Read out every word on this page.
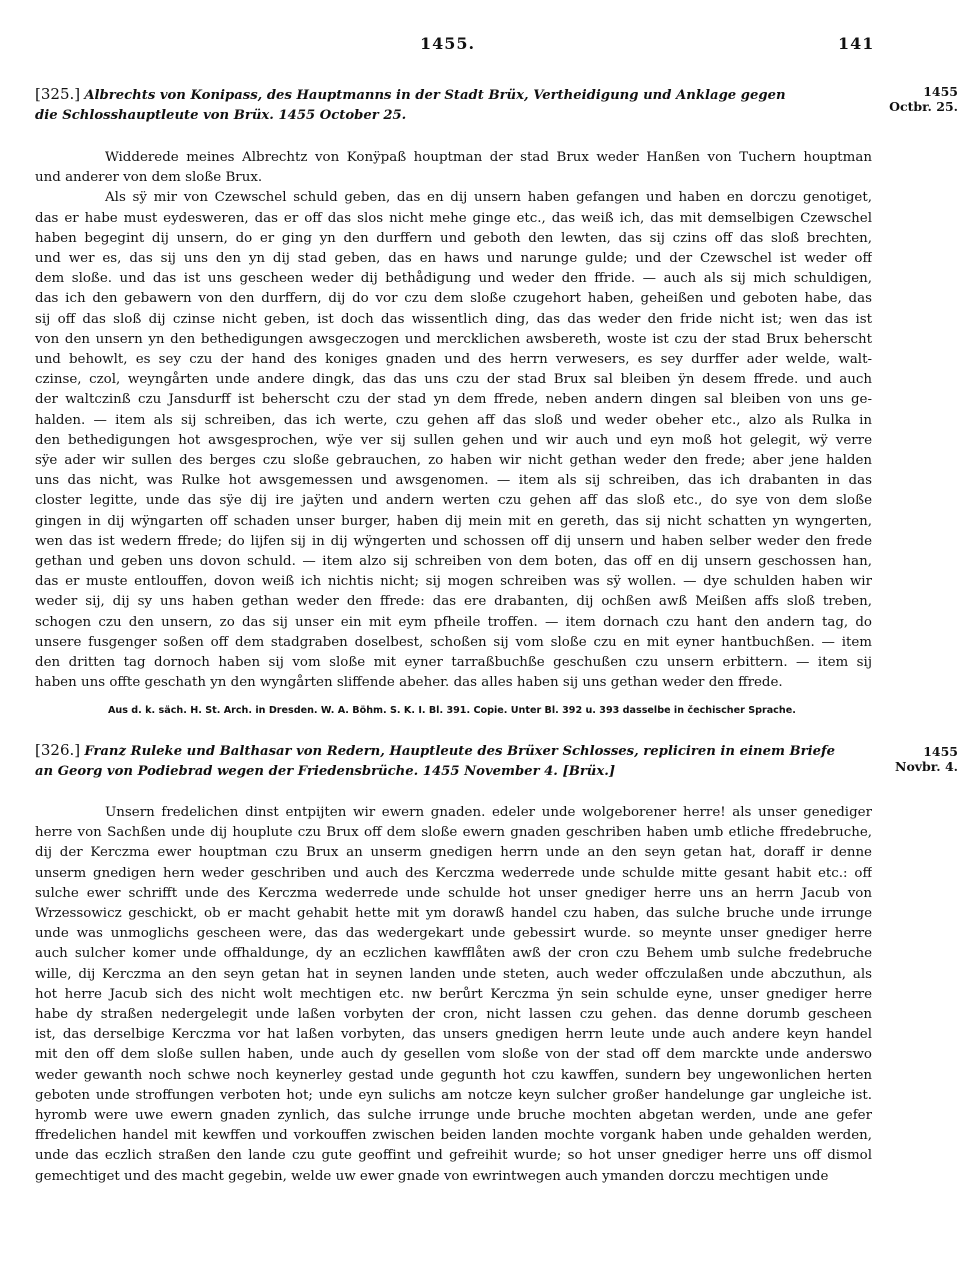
1455.	141
[325.] Albrechts von Konipass, des Hauptmanns in der Stadt Brüx, Vertheidigung und Anklage gegen
die Schlosshauptleute von Brüx. 1455 October 25.
1455
Octbr. 25.
Widderede meines Albrechtz von Konÿpaß houptman der stad Brux weder Hanßen von Tuchern houptman
und anderer von dem sloße Brux.
Als sÿ mir von Czewschel schuld geben, das en dij unsern haben gefangen und haben en dorczu genotiget,
das er habe must eydesweren, das er off das slos nicht mehe ginge etc., das weiß ich, das mit demselbigen Czewschel
haben begegint dij unsern, do er ging yn den durffern und geboth den lewten, das sij czins off das sloß brechten,
und wer es, das sij uns den yn dij stad geben, das en haws und narunge gulde; und der Czewschel ist weder off
dem sloße. und das ist uns gescheen weder dij bethådigung und weder den ffride. — auch als sij mich schuldigen,
das ich den gebawern von den durffern, dij do vor czu dem sloße czugehort haben, geheißen und geboten habe, das
sij off das sloß dij czinse nicht geben, ist doch das wissentlich ding, das das weder den fride nicht ist; wen das ist
von den unsern yn den bethedigungen awsgeczogen und mercklichen awsbereth, woste ist czu der stad Brux beherscht
und behowlt, es sey czu der hand des koniges gnaden und des herrn verwesers, es sey durffer ader welde, walt-
czinse, czol, weyngårten unde andere dingk, das das uns czu der stad Brux sal bleiben ÿn desem ffrede. und auch
der waltczinß czu Jansdurff ist beherscht czu der stad yn dem ffrede, neben andern dingen sal bleiben von uns ge-
halden. — item als sij schreiben, das ich werte, czu gehen aff das sloß und weder obeher etc., alzo als Rulka in
den bethedigungen hot awsgesprochen, wÿe ver sij sullen gehen und wir auch und eyn moß hot gelegit, wÿ verre
sÿe ader wir sullen des berges czu sloße gebrauchen, zo haben wir nicht gethan weder den frede; aber jene halden
uns das nicht, was Rulke hot awsgemessen und awsgenomen. — item als sij schreiben, das ich drabanten in das
closter legitte, unde das sÿe dij ire jaÿten und andern werten czu gehen aff das sloß etc., do sye von dem sloße
gingen in dij wÿngarten off schaden unser burger, haben dij mein mit en gereth, das sij nicht schatten yn wyngerten,
wen das ist wedern ffrede; do lijfen sij in dij wÿngerten und schossen off dij unsern und haben selber weder den frede
gethan und geben uns dovon schuld. — item alzo sij schreiben von dem boten, das off en dij unsern geschossen han,
das er muste entlouffen, dovon weiß ich nichtis nicht; sij mogen schreiben was sÿ wollen. — dye schulden haben wir
weder sij, dij sy uns haben gethan weder den ffrede: das ere drabanten, dij ochßen awß Meißen affs sloß treben,
schogen czu den unsern, zo das sij unser ein mit eym pfheile troffen. — item dornach czu hant den andern tag, do
unsere fusgenger soßen off dem stadgraben doselbest, schoßen sij vom sloße czu en mit eyner hantbuchßen. — item
den dritten tag dornoch haben sij vom sloße mit eyner tarraßbuchße geschußen czu unsern erbittern. — item sij
haben uns offte geschath yn den wyngårten sliffende abeher. das alles haben sij uns gethan weder den ffrede.
Aus d. k. säch. H. St. Arch. in Dresden. W. A. Böhm. S. K. I. Bl. 391. Copie. Unter Bl. 392 u. 393 dasselbe in čechischer Sprache.
[326.] Franz Ruleke und Balthasar von Redern, Hauptleute des Brüxer Schlosses, repliciren in einem Briefe
an Georg von Podiebrad wegen der Friedensbrüche. 1455 November 4. [Brüx.]
1455
Novbr. 4.
Unsern fredelichen dinst entpijten wir ewern gnaden. edeler unde wolgeborener herre! als unser genediger
herre von Sachßen unde dij houplute czu Brux off dem sloße ewern gnaden geschriben haben umb etliche ffredebruche,
dij der Kerczma ewer houptman czu Brux an unserm gnedigen herrn unde an den seyn getan hat, doraff ir denne
unserm gnedigen hern weder geschriben und auch des Kerczma wederrede unde schulde mitte gesant habit etc.: off
sulche ewer schrifft unde des Kerczma wederrede unde schulde hot unser gnediger herre uns an herrn Jacub von
Wrzessowicz geschickt, ob er macht gehabit hette mit ym dorawß handel czu haben, das sulche bruche unde irrunge
unde was unmoglichs gescheen were, das das wedergekart unde gebessirt wurde. so meynte unser gnediger herre
auch sulcher komer unde offhaldunge, dy an eczlichen kawfflåten awß der cron czu Behem umb sulche fredebruche
wille, dij Kerczma an den seyn getan hat in seynen landen unde steten, auch weder offczulaßen unde abczuthun, als
hot herre Jacub sich des nicht wolt mechtigen etc. nw berůrt Kerczma ÿn sein schulde eyne, unser gnediger herre
habe dy straßen nedergelegit unde laßen vorbyten der cron, nicht lassen czu gehen. das denne dorumb gescheen
ist, das derselbige Kerczma vor hat laßen vorbyten, das unsers gnedigen herrn leute unde auch andere keyn handel
mit den off dem sloße sullen haben, unde auch dy gesellen vom sloße von der stad off dem marckte unde anderswo
weder gewanth noch schwe noch keynerley gestad unde gegunth hot czu kawffen, sundern bey ungewonlichen herten
geboten unde stroffungen verboten hot; unde eyn sulichs am notcze keyn sulcher großer handelunge gar ungleiche ist.
hyromb were uwe ewern gnaden zynlich, das sulche irrunge unde bruche mochten abgetan werden, unde ane gefer
ffredelichen handel mit kewffen und vorkouffen zwischen beiden landen mochte vorgank haben unde gehalden werden,
unde das eczlich straßen den lande czu gute geoffint und gefreihit wurde; so hot unser gnediger herre uns off dismol
gemechtiget und des macht gegebin, welde uw ewer gnade von ewrintwegen auch ymanden dorczu mechtigen unde
